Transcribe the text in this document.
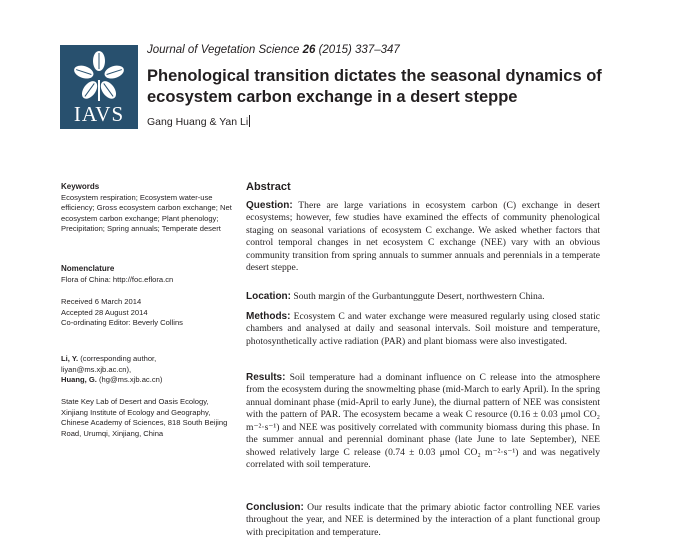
IAVS
Journal of Vegetation Science 26 (2015) 337–347
Phenological transition dictates the seasonal dynamics of ecosystem carbon exchange in a desert steppe
Gang Huang & Yan Li
Keywords
Ecosystem respiration; Ecosystem water-use efficiency; Gross ecosystem carbon exchange; Net ecosystem carbon exchange; Plant phenology; Precipitation; Spring annuals; Temperate desert
Nomenclature
Flora of China: http://foc.eflora.cn
Received 6 March 2014
Accepted 28 August 2014
Co-ordinating Editor: Beverly Collins
Li, Y. (corresponding author,
liyan@ms.xjb.ac.cn),
Huang, G. (hg@ms.xjb.ac.cn)
State Key Lab of Desert and Oasis Ecology, Xinjiang Institute of Ecology and Geography, Chinese Academy of Sciences, 818 South Beijing Road, Urumqi, Xinjiang, China
Abstract
Question: There are large variations in ecosystem carbon (C) exchange in desert ecosystems; however, few studies have examined the effects of community phenological staging on seasonal variations of ecosystem C exchange. We asked whether factors that control temporal changes in net ecosystem C exchange (NEE) vary with an obvious community transition from spring annuals to summer annuals and perennials in a temperate desert steppe.
Location: South margin of the Gurbantunggute Desert, northwestern China.
Methods: Ecosystem C and water exchange were measured regularly using closed static chambers and analysed at daily and seasonal intervals. Soil moisture and temperature, photosynthetically active radiation (PAR) and plant biomass were also investigated.
Results: Soil temperature had a dominant influence on C release into the atmosphere from the ecosystem during the snowmelting phase (mid-March to early April). In the spring annual dominant phase (mid-April to early June), the diurnal pattern of NEE was consistent with the pattern of PAR. The ecosystem became a weak C resource (0.16 ± 0.03 μmol CO₂ m⁻²·s⁻¹) and NEE was positively correlated with community biomass during this phase. In the summer annual and perennial dominant phase (late June to late September), NEE showed relatively large C release (0.74 ± 0.03 μmol CO₂ m⁻²·s⁻¹) and was negatively correlated with soil temperature.
Conclusion: Our results indicate that the primary abiotic factor controlling NEE varies throughout the year, and NEE is determined by the interaction of a plant functional group with precipitation and temperature.
